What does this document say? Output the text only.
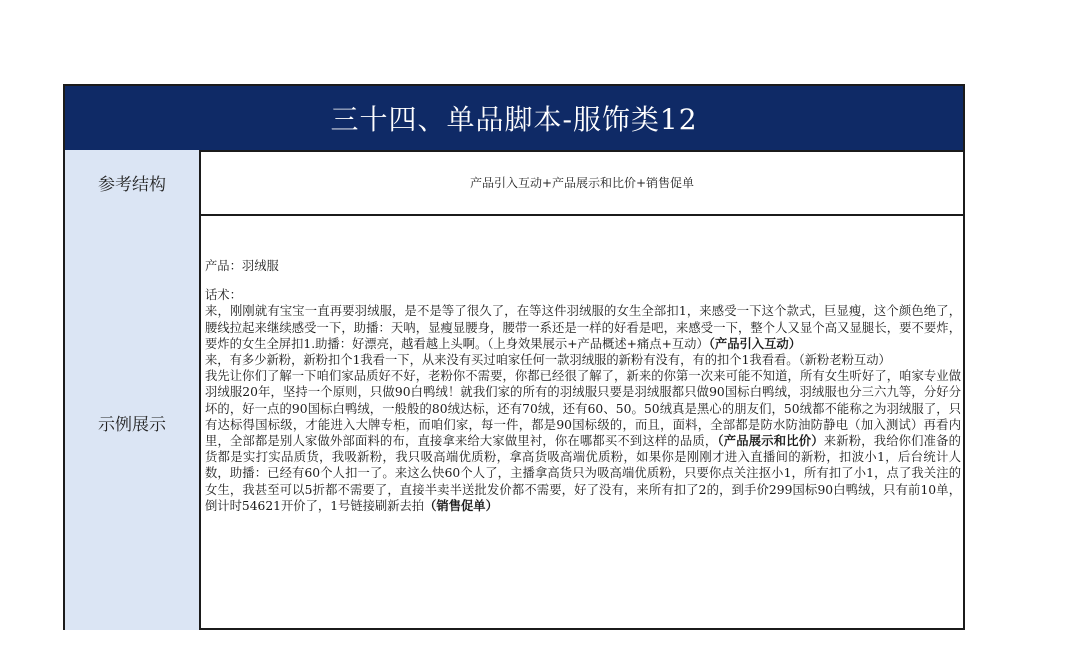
三十四、单品脚本-服饰类12
参考结构	产品引入互动+产品展示和比价+销售促单
示例展示

产品：羽绒服

话术：

来，刚刚就有宝宝一直再要羽绒服，是不是等了很久了，在等这件羽绒服的女生全部扣1，来感受一下这个款式，巨显瘦，这个颜色绝了，腰线拉起来继续感受一下，助播：天呐，显瘦显腰身，腰带一系还是一样的好看是吧，来感受一下，整个人又显个高又显腿长，要不要炸，要炸的女生全屏扣1.助播：好漂亮，越看越上头啊。（上身效果展示+产品概述+痛点+互动）（产品引入互动）
来，有多少新粉，新粉扣个1我看一下，从来没有买过咱家任何一款羽绒服的新粉有没有，有的扣个1我看看。（新粉老粉互动）
我先让你们了解一下咱们家品质好不好，老粉你不需要，你都已经很了解了，新来的你第一次来可能不知道，所有女生听好了，咱家专业做羽绒服20年，坚持一个原则，只做90白鸭绒！就我们家的所有的羽绒服只要是羽绒服都只做90国标白鸭绒，羽绒服也分三六九等，分好分坏的，好一点的90国标白鸭绒，一般般的80绒达标，还有70绒，还有60、50。50绒真是黑心的朋友们，50绒都不能称之为羽绒服了，只有达标得国标级，才能进入大牌专柜，而咱们家，每一件，都是90国标级的，而且，面料，全部都是防水防油防静电（加入测试）再看内里，全部都是别人家做外部面料的布，直接拿来给大家做里衬，你在哪都买不到这样的品质，（产品展示和比价）来新粉，我给你们准备的货都是实打实品质货，我吸新粉，我只吸高端优质粉，拿高货吸高端优质粉，如果你是刚刚才进入直播间的新粉，扣波小1，后台统计人数，助播：已经有60个人扣一了。来这么快60个人了，主播拿高货只为吸高端优质粉，只要你点关注抠小1，所有扣了小1，点了我关注的女生，我甚至可以5折都不需要了，直接半卖半送批发价都不需要，好了没有，来所有扣了2的，到手价299国标90白鸭绒，只有前10单，倒计时54621开价了，1号链接刷新去拍（销售促单）
